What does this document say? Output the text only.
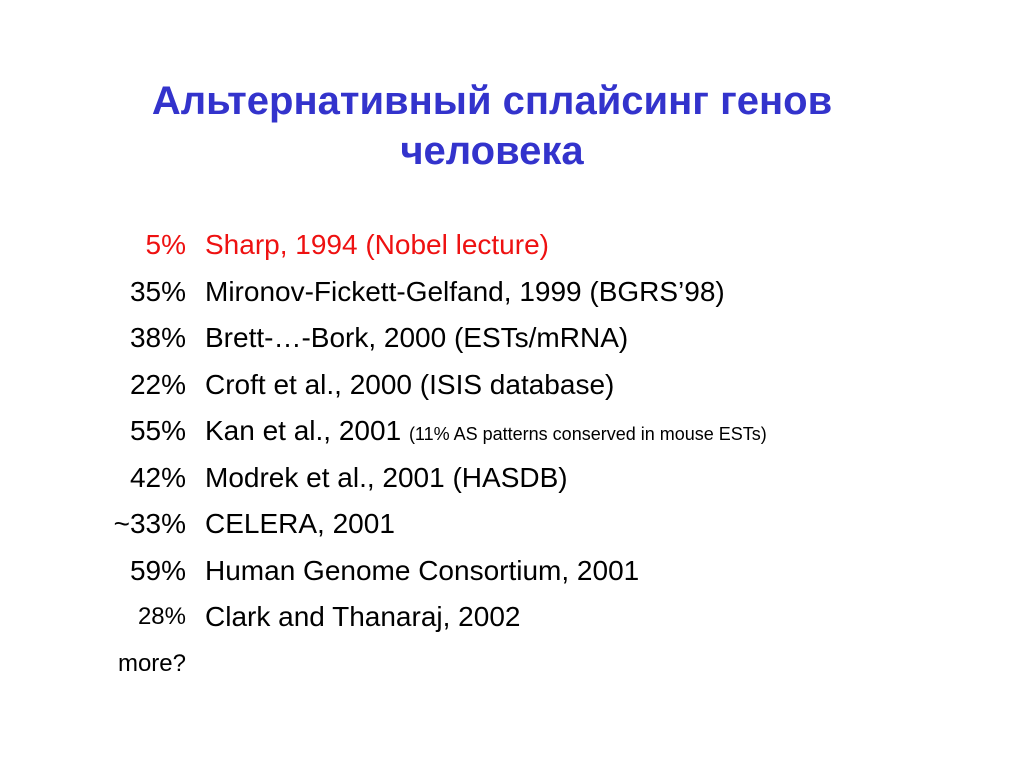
Альтернативный сплайсинг генов
человека
5% Sharp, 1994 (Nobel lecture)
35% Mironov-Fickett-Gelfand, 1999 (BGRS’98)
38% Brett-…-Bork, 2000 (ESTs/mRNA)
22% Croft et al., 2000 (ISIS database)
55% Kan et al., 2001 (11% AS patterns conserved in mouse ESTs)
42% Modrek et al., 2001 (HASDB)
~33% CELERA, 2001
59% Human Genome Consortium, 2001
28% Clark and Thanaraj, 2002
more?
